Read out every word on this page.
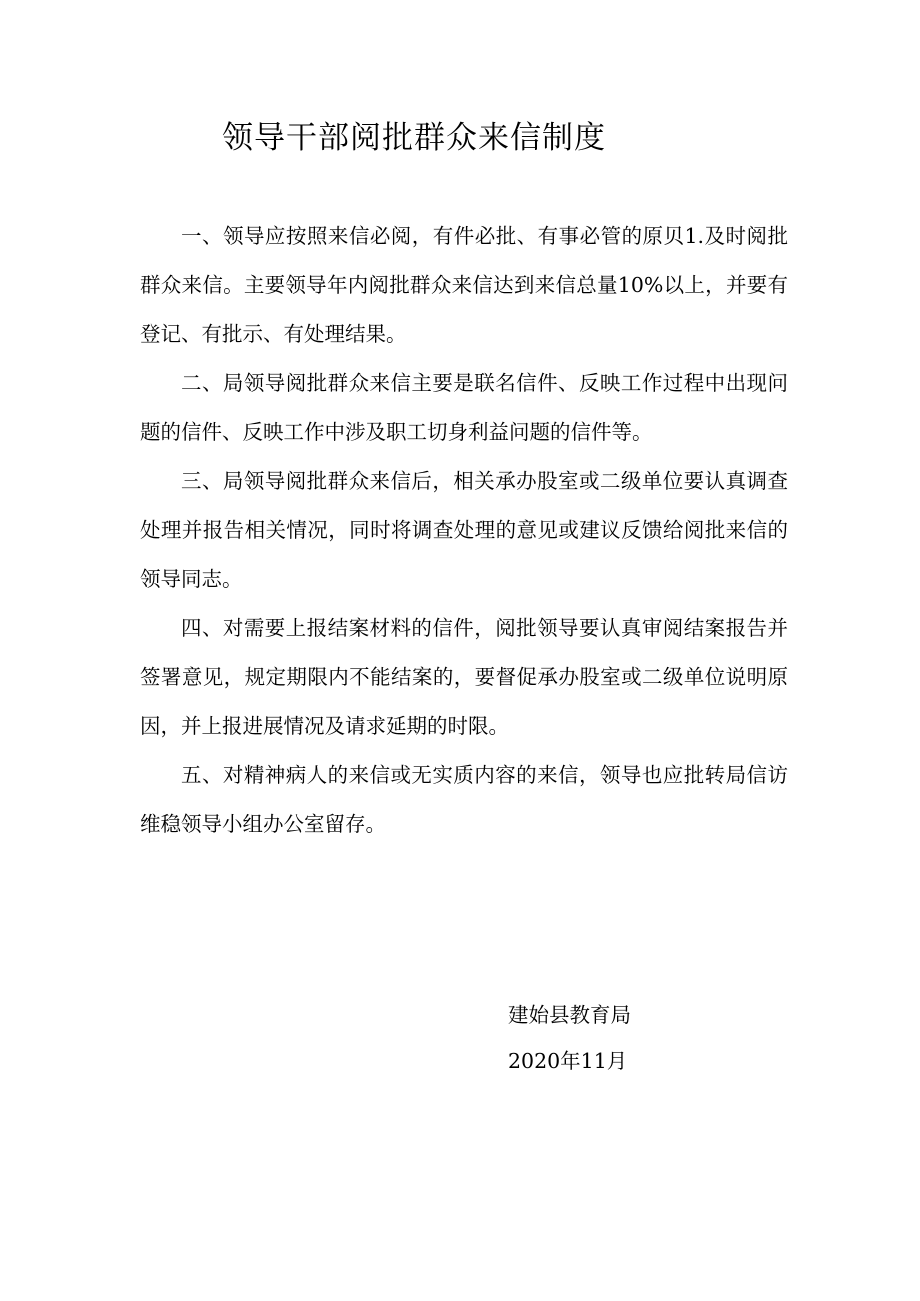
领导干部阅批群众来信制度

一、领导应按照来信必阅，有件必批、有事必管的原贝1.及时阅批群众来信。主要领导年内阅批群众来信达到来信总量10%以上，并要有登记、有批示、有处理结果。

二、局领导阅批群众来信主要是联名信件、反映工作过程中出现问题的信件、反映工作中涉及职工切身利益问题的信件等。

三、局领导阅批群众来信后，相关承办股室或二级单位要认真调查处理并报告相关情况，同时将调查处理的意见或建议反馈给阅批来信的领导同志。

四、对需要上报结案材料的信件，阅批领导要认真审阅结案报告并签署意见，规定期限内不能结案的，要督促承办股室或二级单位说明原因，并上报进展情况及请求延期的时限。

五、对精神病人的来信或无实质内容的来信，领导也应批转局信访维稳领导小组办公室留存。

建始县教育局
2020年11月
